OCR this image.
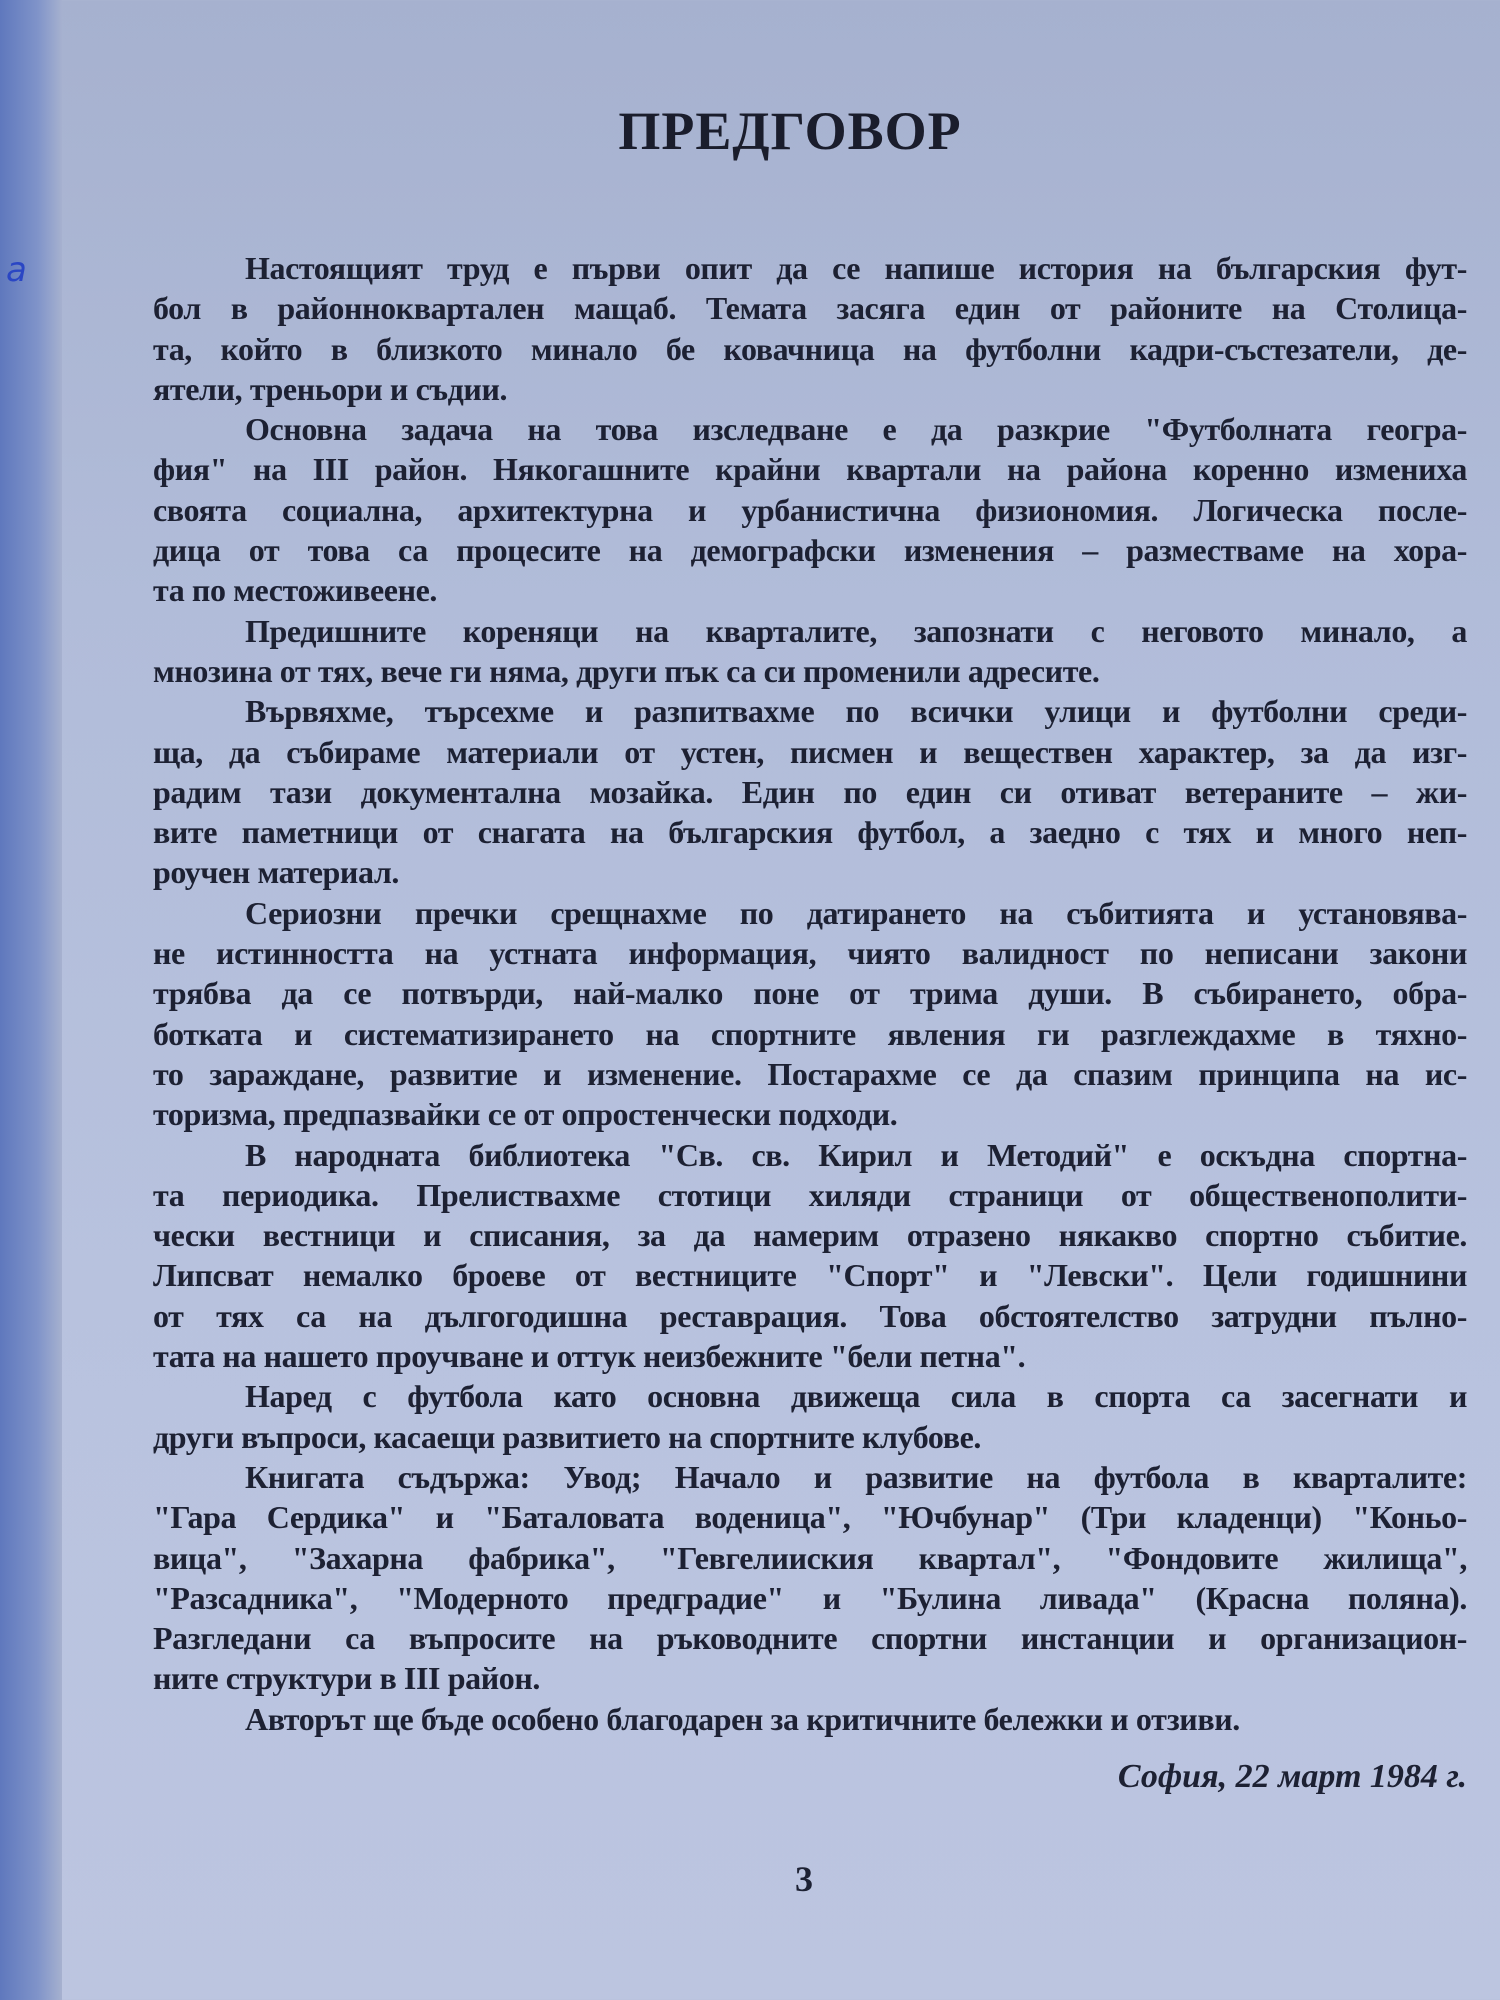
a
ПРЕДГОВОР
Настоящият труд е първи опит да се напише история на българския фут-
бол в районнокварталeн мащаб. Темата засяга един от районите на Столица-
та, който в близкото минало бе ковачница на футболни кадри-състезатели, де-
ятели, треньори и съдии.
Основна задача на това изследване е да разкрие "Футболната геогра-
фия" на III район. Някогашните крайни квартали на района коренно измениха
своята социална, архитектурна и урбанистична физиономия. Логическа после-
дица от това са процесите на демографски изменения – разместваме на хора-
та по местоживеене.
Предишните кореняци на кварталите, запознати с неговото минало, а
мнозина от тях, вече ги няма, други пък са си променили адресите.
Вървяхме, търсехме и разпитвахме по всички улици и футболни среди-
ща, да събираме материали от устен, писмен и веществен характер, за да изг-
радим тази документална мозайка. Един по един си отиват ветераните – жи-
вите паметници от снагата на българския футбол, а заедно с тях и много неп-
роучен материал.
Сериозни пречки срещнахме по датирането на събитията и установява-
не истинността на устната информация, чиято валидност по неписани закони
трябва да се потвърди, най-малко поне от трима души. В събирането, обра-
ботката и систематизирането на спортните явления ги разглеждахме в тяхно-
то зараждане, развитие и изменение. Постарахме се да спазим принципа на ис-
торизма, предпазвайки се от опростенчески подходи.
В народната библиотека "Св. св. Кирил и Методий" е оскъдна спортна-
та периодика. Прелиствахме стотици хиляди страници от общественополити-
чески вестници и списания, за да намерим отразено някакво спортно събитие.
Липсват немалко броеве от вестниците "Спорт" и "Левски". Цели годишнини
от тях са на дългогодишна реставрация. Това обстоятелство затрудни пълно-
тата на нашето проучване и оттук неизбежните "бели петна".
Наред с футбола като основна движеща сила в спорта са засегнати и
други въпроси, касаещи развитието на спортните клубове.
Книгата съдържа: Увод; Начало и развитие на футбола в кварталите:
"Гара Сердика" и "Баталовата воденица", "Ючбунар" (Три кладенци) "Коньо-
вица", "Захарна фабрика", "Гевгелииския квартал", "Фондовите жилища",
"Разсадника", "Модерното предградие" и "Булина ливада" (Красна поляна).
Разгледани са въпросите на ръководните спортни инстанции и организацион-
ните структури в III район.
Авторът ще бъде особено благодарен за критичните бележки и отзиви.
София, 22 март 1984 г.
3
